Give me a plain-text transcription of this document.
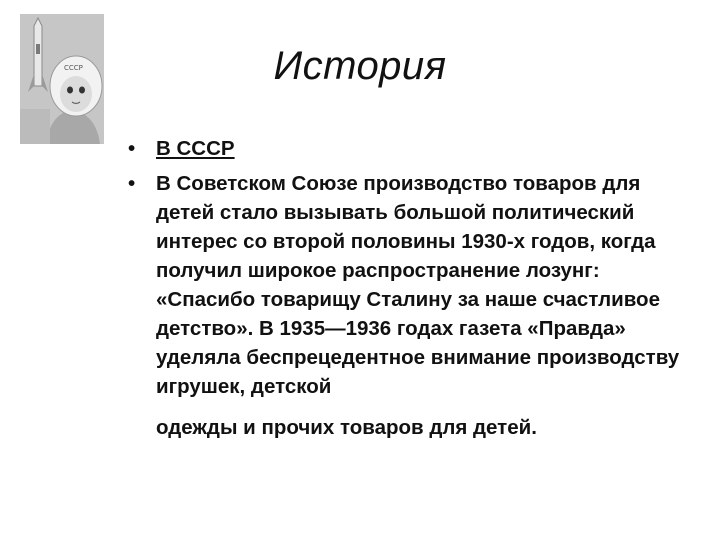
СССР	История
• В СССР
• В Советском Союзе производство товаров для детей стало вызывать большой политический интерес со второй половины 1930-х годов, когда получил широкое распространение лозунг: «Спасибо товарищу Сталину за наше счастливое детство». В 1935—1936 годах газета «Правда» уделяла беспрецедентное внимание производству игрушек, детской
одежды и прочих товаров для детей.
